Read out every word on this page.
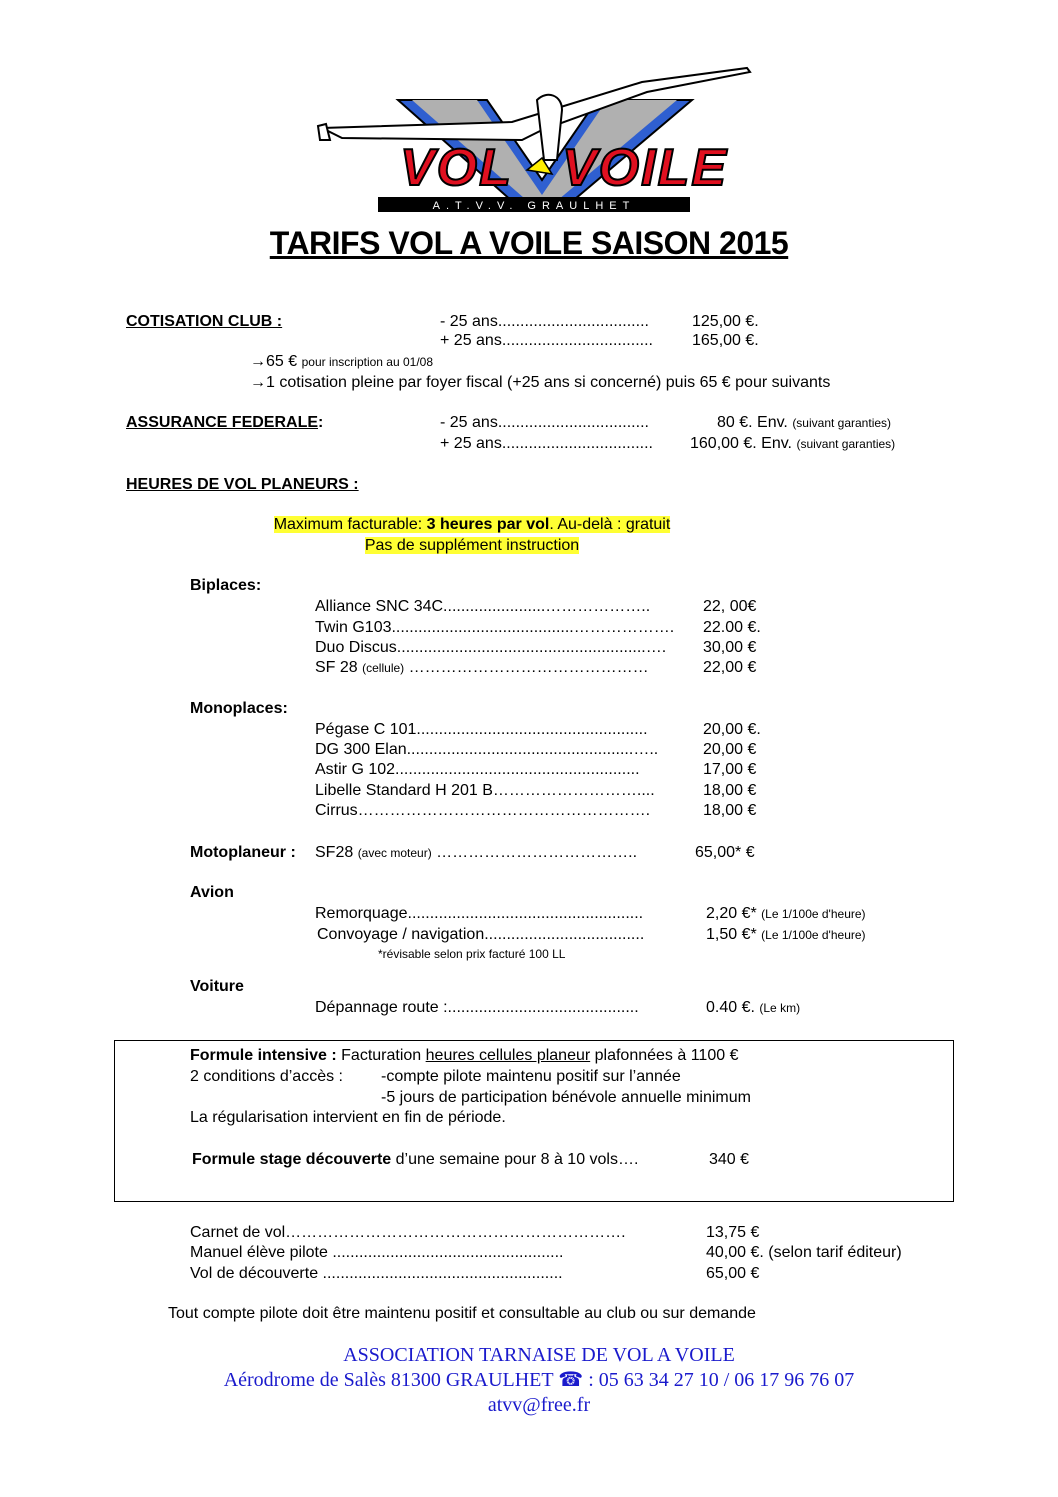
VOL VOILE
A.T.V.V. GRAULHET
TARIFS VOL A VOILE SAISON 2015
COTISATION CLUB :	- 25 ans..................................	125,00 €.
+ 25 ans.................................. 165,00 €.
→65 € pour inscription au 01/08
→1 cotisation pleine par foyer fiscal (+25 ans si concerné) puis 65 € pour suivants
ASSURANCE FEDERALE:	- 25 ans..................................	80 €. Env. (suivant garanties)
+ 25 ans.................................. 160,00 €. Env. (suivant garanties)
HEURES DE VOL PLANEURS :
Maximum facturable: 3 heures par vol. Au-delà : gratuit
Pas de supplément instruction
Biplaces:
Alliance SNC 34C.......................………………..	22, 00€
Twin G103.........................................………………. 22.00 €.
Duo Discus........................................................…. 30,00 €
SF 28 (cellule) ………………………………………	22,00 €
Monoplaces:
Pégase C 101....................................................	20,00 €.
DG 300 Elan...................................................…..	20,00 €
Astir G 102.......................................................	17,00 €
Libelle Standard H 201 B………………………....	18,00 €
Cirrus……………………………………………….	18,00 €
Motoplaneur : SF28 (avec moteur) ………………………………..	65,00* €
Avion
Remorquage.....................................................	2,20 €* (Le 1/100e d'heure)
Convoyage / navigation....................................	1,50 €* (Le 1/100e d'heure)
*révisable selon prix facturé 100 LL
Voiture
Dépannage route :...........................................	0.40 €. (Le km)
Formule intensive : Facturation heures cellules planeur plafonnées à 1100 €
2 conditions d’accès : -compte pilote maintenu positif sur l’année
-5 jours de participation bénévole annuelle minimum
La régularisation intervient en fin de période.
Formule stage découverte d’une semaine pour 8 à 10 vols….	340 €
Carnet de vol……………………………………………………….	13,75 €
Manuel élève pilote ....................................................	40,00 €. (selon tarif éditeur)
Vol de découverte ......................................................	65,00 €
Tout compte pilote doit être maintenu positif et consultable au club ou sur demande
ASSOCIATION TARNAISE DE VOL A VOILE
Aérodrome de Salès 81300 GRAULHET ☎ : 05 63 34 27 10 / 06 17 96 76 07
atvv@free.fr
